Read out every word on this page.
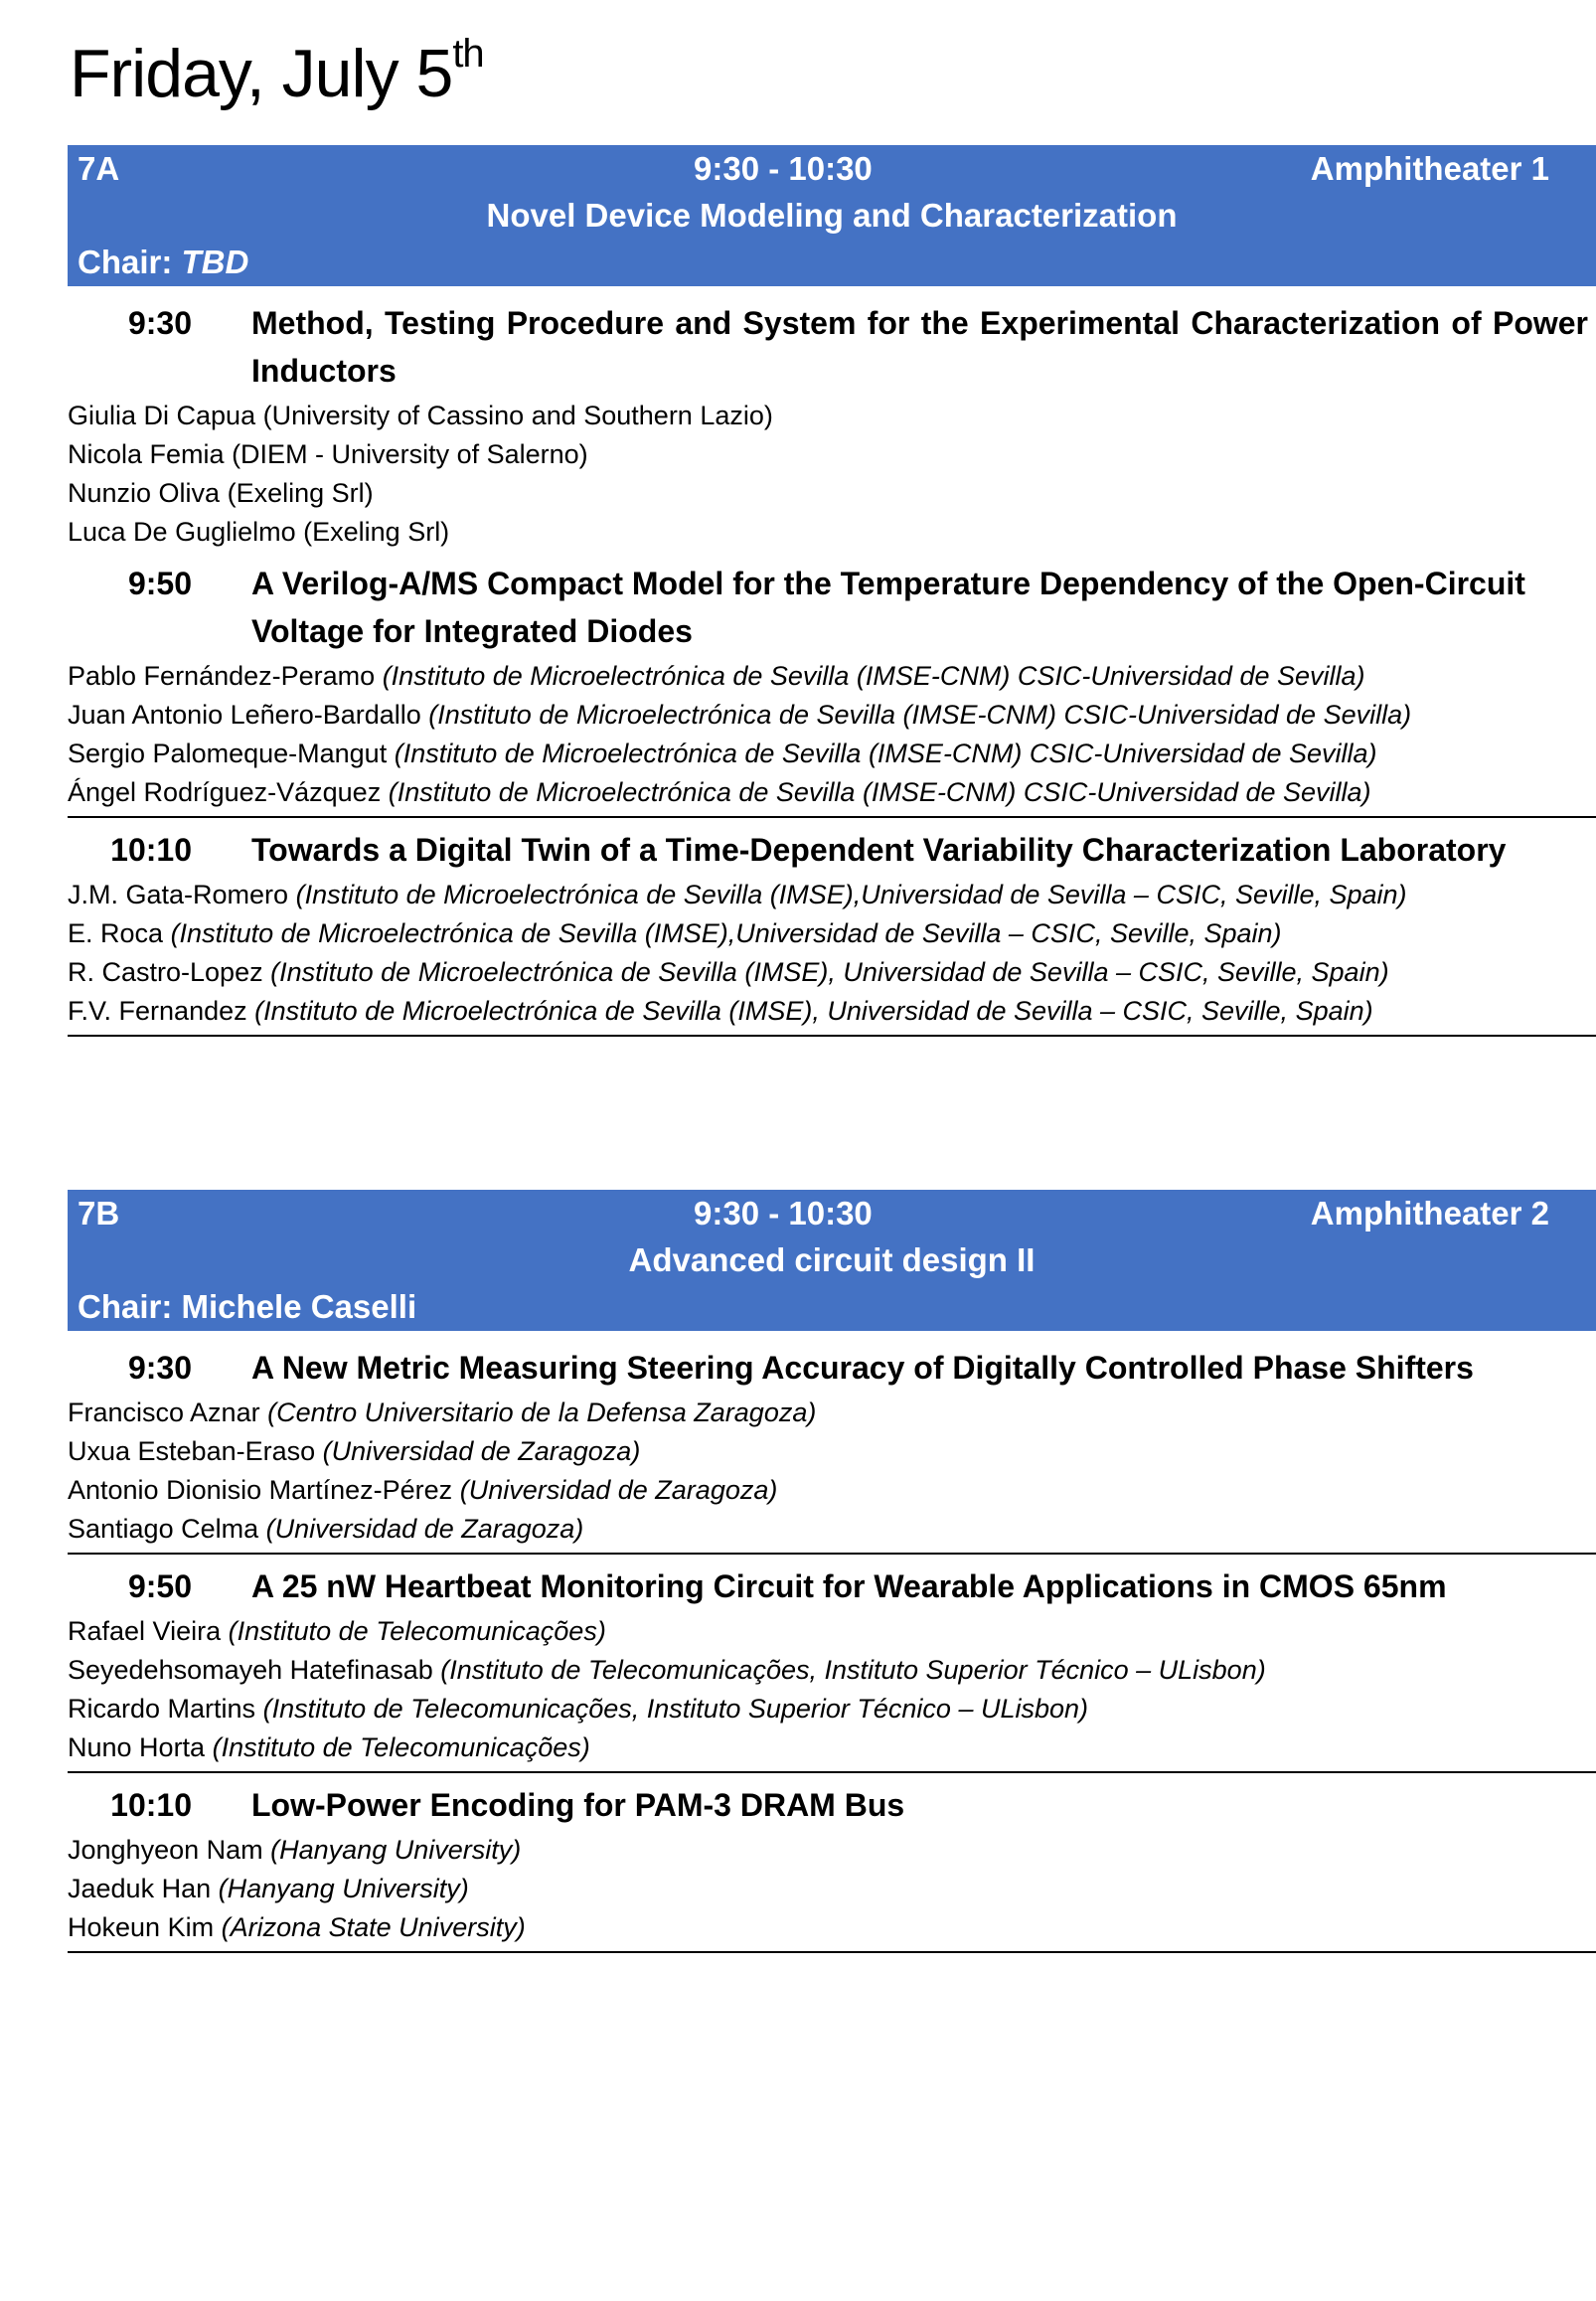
Friday, July 5th
7A	9:30 - 10:30	Amphitheater 1
Novel Device Modeling and Characterization
Chair: TBD
9:30 Method, Testing Procedure and System for the Experimental Characterization of Power Inductors
Giulia Di Capua (University of Cassino and Southern Lazio)
Nicola Femia (DIEM - University of Salerno)
Nunzio Oliva (Exeling Srl)
Luca De Guglielmo (Exeling Srl)
9:50 A Verilog-A/MS Compact Model for the Temperature Dependency of the Open-Circuit Voltage for Integrated Diodes
Pablo Fernández-Peramo (Instituto de Microelectrónica de Sevilla (IMSE-CNM) CSIC-Universidad de Sevilla)
Juan Antonio Leñero-Bardallo (Instituto de Microelectrónica de Sevilla (IMSE-CNM) CSIC-Universidad de Sevilla)
Sergio Palomeque-Mangut (Instituto de Microelectrónica de Sevilla (IMSE-CNM) CSIC-Universidad de Sevilla)
Ángel Rodríguez-Vázquez (Instituto de Microelectrónica de Sevilla (IMSE-CNM) CSIC-Universidad de Sevilla)
10:10 Towards a Digital Twin of a Time-Dependent Variability Characterization Laboratory
J.M. Gata-Romero (Instituto de Microelectrónica de Sevilla (IMSE),Universidad de Sevilla – CSIC, Seville, Spain)
E. Roca (Instituto de Microelectrónica de Sevilla (IMSE),Universidad de Sevilla – CSIC, Seville, Spain)
R. Castro-Lopez (Instituto de Microelectrónica de Sevilla (IMSE), Universidad de Sevilla – CSIC, Seville, Spain)
F.V. Fernandez (Instituto de Microelectrónica de Sevilla (IMSE), Universidad de Sevilla – CSIC, Seville, Spain)
7B	9:30 - 10:30	Amphitheater 2
Advanced circuit design II
Chair: Michele Caselli
9:30 A New Metric Measuring Steering Accuracy of Digitally Controlled Phase Shifters
Francisco Aznar (Centro Universitario de la Defensa Zaragoza)
Uxua Esteban-Eraso (Universidad de Zaragoza)
Antonio Dionisio Martínez-Pérez (Universidad de Zaragoza)
Santiago Celma (Universidad de Zaragoza)
9:50 A 25 nW Heartbeat Monitoring Circuit for Wearable Applications in CMOS 65nm
Rafael Vieira (Instituto de Telecomunicações)
Seyedehsomayeh Hatefinasab (Instituto de Telecomunicações, Instituto Superior Técnico – ULisbon)
Ricardo Martins (Instituto de Telecomunicações, Instituto Superior Técnico – ULisbon)
Nuno Horta (Instituto de Telecomunicações)
10:10 Low-Power Encoding for PAM-3 DRAM Bus
Jonghyeon Nam (Hanyang University)
Jaeduk Han (Hanyang University)
Hokeun Kim (Arizona State University)
